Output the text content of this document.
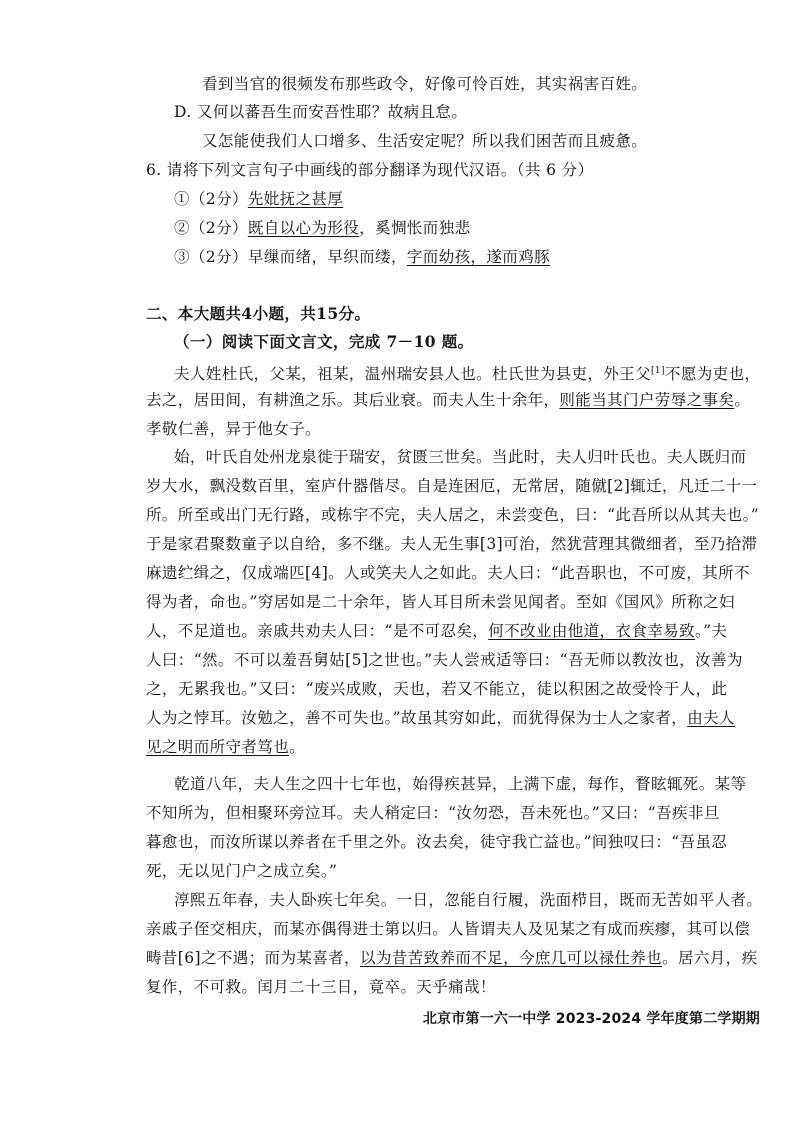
看到当官的很频发布那些政令，好像可怜百姓，其实祸害百姓。
D. 又何以蕃吾生而安吾性耶？故病且怠。
又怎能使我们人口增多、生活安定呢？所以我们困苦而且疲惫。
6. 请将下列文言句子中画线的部分翻译为现代汉语。（共 6 分）
①（2分）先妣抚之甚厚
②（2分）既自以心为形役，奚惆怅而独悲
③（2分）早缫而绪，早织而缕，字而幼孩，遂而鸡豚
二、本大题共4小题，共15分。
（一）阅读下面文言文，完成 7－10 题。
夫人姓杜氏，父某，祖某，温州瑞安县人也。杜氏世为县吏，外王父[1]不愿为吏也，
去之，居田间，有耕渔之乐。其后业衰。而夫人生十余年，则能当其门户劳辱之事矣。
孝敬仁善，异于他女子。
始，叶氏自处州龙泉徙于瑞安，贫匮三世矣。当此时，夫人归叶氏也。夫人既归而
岁大水，飘没数百里，室庐什器偕尽。自是连困厄，无常居，随僦[2]辄迁，凡迁二十一
所。所至或出门无行路，或栋宇不完，夫人居之，未尝变色，曰：“此吾所以从其夫也。”
于是家君聚数童子以自给，多不继。夫人无生事[3]可治，然犹营理其微细者，至乃拾滞
麻遗纻缉之，仅成端匹[4]。人或笑夫人之如此。夫人曰：“此吾职也，不可废，其所不
得为者，命也。”穷居如是二十余年，皆人耳目所未尝见闻者。至如《国风》所称之妇
人，不足道也。亲戚共劝夫人曰：“是不可忍矣，何不改业由他道，衣食幸易致。”夫
人曰：“然。不可以羞吾舅姑[5]之世也。”夫人尝戒适等曰：“吾无师以教汝也，汝善为
之，无累我也。”又曰：“废兴成败，天也，若又不能立，徒以积困之故受怜于人，此
人为之悖耳。汝勉之，善不可失也。”故虽其穷如此，而犹得保为士人之家者，由夫人
见之明而所守者笃也。
乾道八年，夫人生之四十七年也，始得疾甚异，上满下虚，每作，瞀眩辄死。某等
不知所为，但相聚环旁泣耳。夫人稍定曰：“汝勿恐，吾未死也。”又曰：“吾疾非旦
暮愈也，而汝所谋以养者在千里之外。汝去矣，徒守我亡益也。”间独叹曰：“吾虽忍
死，无以见门户之成立矣。”
淳熙五年春，夫人卧疾七年矣。一日，忽能自行履，洗面栉目，既而无苦如平人者。
亲戚子侄交相庆，而某亦偶得进士第以归。人皆谓夫人及见某之有成而疾瘳，其可以偿
畴昔[6]之不遇；而为某喜者，以为昔苦致养而不足，今庶几可以禄仕养也。居六月，疾
复作，不可救。闰月二十三日，竟卒。天乎痛哉！
北京市第一六一中学 2023-2024 学年度第二学期期
